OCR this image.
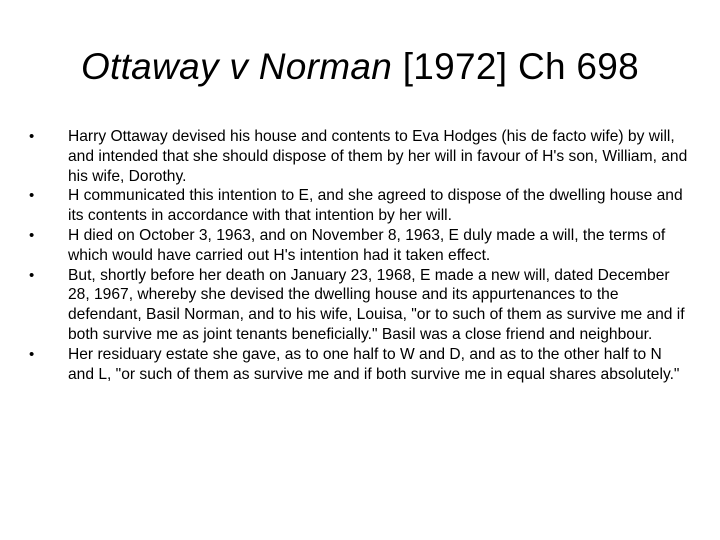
Ottaway v Norman [1972] Ch 698
• Harry Ottaway devised his house and contents to Eva Hodges (his de facto wife) by will, and intended that she should dispose of them by her will in favour of H's son, William, and his wife, Dorothy.
• H communicated this intention to E, and she agreed to dispose of the dwelling house and its contents in accordance with that intention by her will.
• H died on October 3, 1963, and on November 8, 1963, E duly made a will, the terms of which would have carried out H's intention had it taken effect.
• But, shortly before her death on January 23, 1968, E made a new will, dated December 28, 1967, whereby she devised the dwelling house and its appurtenances to the defendant, Basil Norman, and to his wife, Louisa, "or to such of them as survive me and if both survive me as joint tenants beneficially." Basil was a close friend and neighbour.
• Her residuary estate she gave, as to one half to W and D, and as to the other half to N and L, "or such of them as survive me and if both survive me in equal shares absolutely."
